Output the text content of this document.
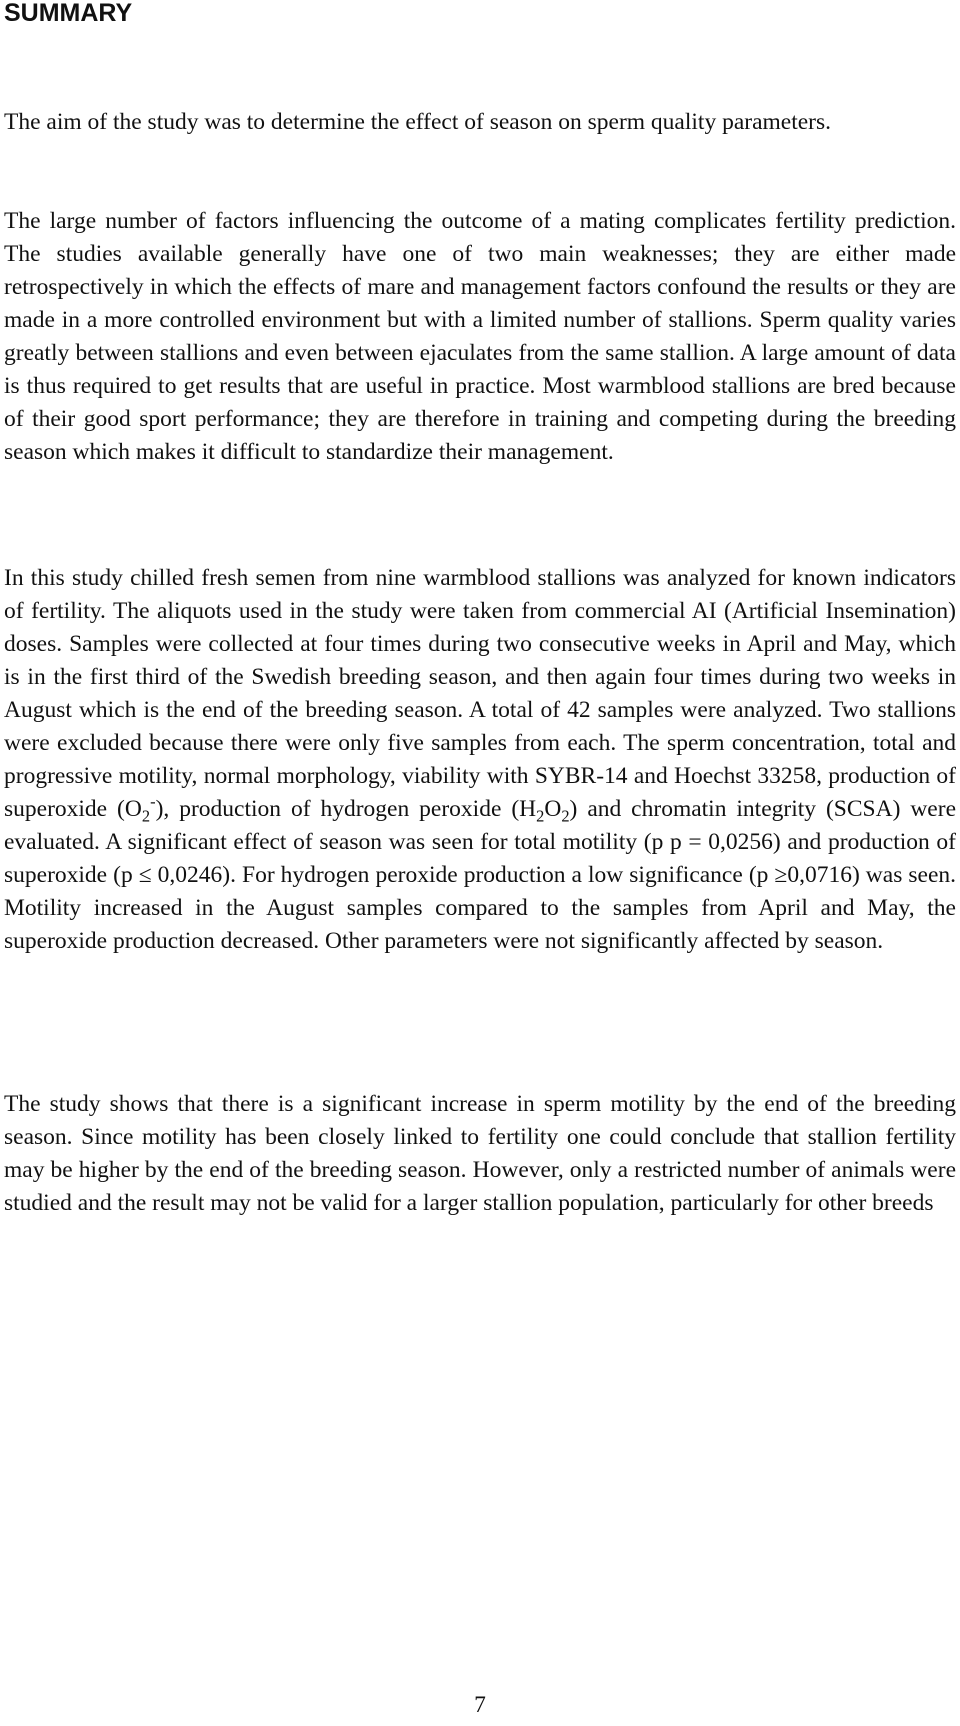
SUMMARY

The aim of the study was to determine the effect of season on sperm quality parameters.

The large number of factors influencing the outcome of a mating complicates fertility prediction. The studies available generally have one of two main weaknesses; they are either made retrospectively in which the effects of mare and management factors confound the results or they are made in a more controlled environment but with a limited number of stallions. Sperm quality varies greatly between stallions and even between ejaculates from the same stallion. A large amount of data is thus required to get results that are useful in practice. Most warmblood stallions are bred because of their good sport performance; they are therefore in training and competing during the breeding season which makes it difficult to standardize their management.

In this study chilled fresh semen from nine warmblood stallions was analyzed for known indicators of fertility. The aliquots used in the study were taken from commercial AI (Artificial Insemination) doses. Samples were collected at four times during two consecutive weeks in April and May, which is in the first third of the Swedish breeding season, and then again four times during two weeks in August which is the end of the breeding season. A total of 42 samples were analyzed. Two stallions were excluded because there were only five samples from each. The sperm concentration, total and progressive motility, normal morphology, viability with SYBR-14 and Hoechst 33258, production of superoxide $(O_2^-)$, production of hydrogen peroxide $(H_2O_2)$ and chromatin integrity (SCSA) were evaluated. A significant effect of season was seen for total motility (p p = 0,0256) and production of superoxide (p ≤ 0,0246). For hydrogen peroxide production a low significance (p ≥0,0716) was seen. Motility increased in the August samples compared to the samples from April and May, the superoxide production decreased. Other parameters were not significantly affected by season.

The study shows that there is a significant increase in sperm motility by the end of the breeding season. Since motility has been closely linked to fertility one could conclude that stallion fertility may be higher by the end of the breeding season. However, only a restricted number of animals were studied and the result may not be valid for a larger stallion population, particularly for other breeds

7
